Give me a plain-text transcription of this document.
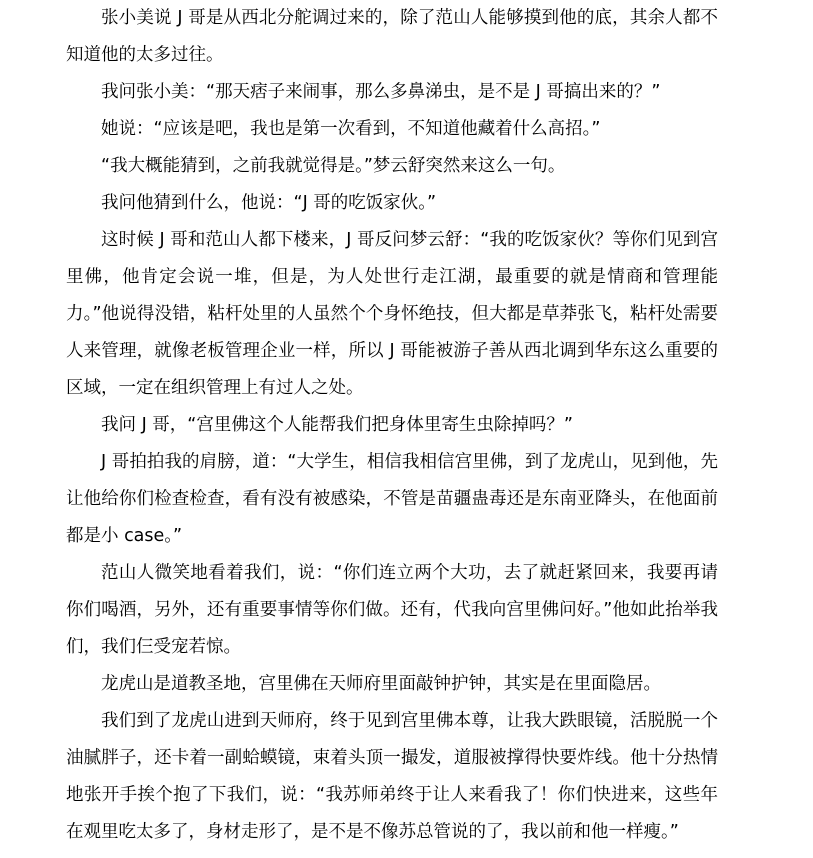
张小美说 J 哥是从西北分舵调过来的，除了范山人能够摸到他的底，其余人都不知道他的太多过往。

我问张小美：“那天痞子来闹事，那么多鼻涕虫，是不是 J 哥搞出来的？”

她说：“应该是吧，我也是第一次看到，不知道他藏着什么高招。”

“我大概能猜到，之前我就觉得是。”梦云舒突然来这么一句。

我问他猜到什么，他说：“J 哥的吃饭家伙。”

这时候 J 哥和范山人都下楼来，J 哥反问梦云舒：“我的吃饭家伙？等你们见到宫里佛，他肯定会说一堆，但是，为人处世行走江湖，最重要的就是情商和管理能力。”他说得没错，粘杆处里的人虽然个个身怀绝技，但大都是草莽张飞，粘杆处需要人来管理，就像老板管理企业一样，所以 J 哥能被游子善从西北调到华东这么重要的区域，一定在组织管理上有过人之处。

我问 J 哥，“宫里佛这个人能帮我们把身体里寄生虫除掉吗？”

J 哥拍拍我的肩膀，道：“大学生，相信我相信宫里佛，到了龙虎山，见到他，先让他给你们检查检查，看有没有被感染，不管是苗疆蛊毒还是东南亚降头，在他面前都是小 case。”

范山人微笑地看着我们，说：“你们连立两个大功，去了就赶紧回来，我要再请你们喝酒，另外，还有重要事情等你们做。还有，代我向宫里佛问好。”他如此抬举我们，我们仨受宠若惊。

龙虎山是道教圣地，宫里佛在天师府里面敲钟护钟，其实是在里面隐居。

我们到了龙虎山进到天师府，终于见到宫里佛本尊，让我大跌眼镜，活脱脱一个油腻胖子，还卡着一副蛤蟆镜，束着头顶一撮发，道服被撑得快要炸线。他十分热情地张开手挨个抱了下我们，说：“我苏师弟终于让人来看我了！你们快进来，这些年在观里吃太多了，身材走形了，是不是不像苏总管说的了，我以前和他一样瘦。”
